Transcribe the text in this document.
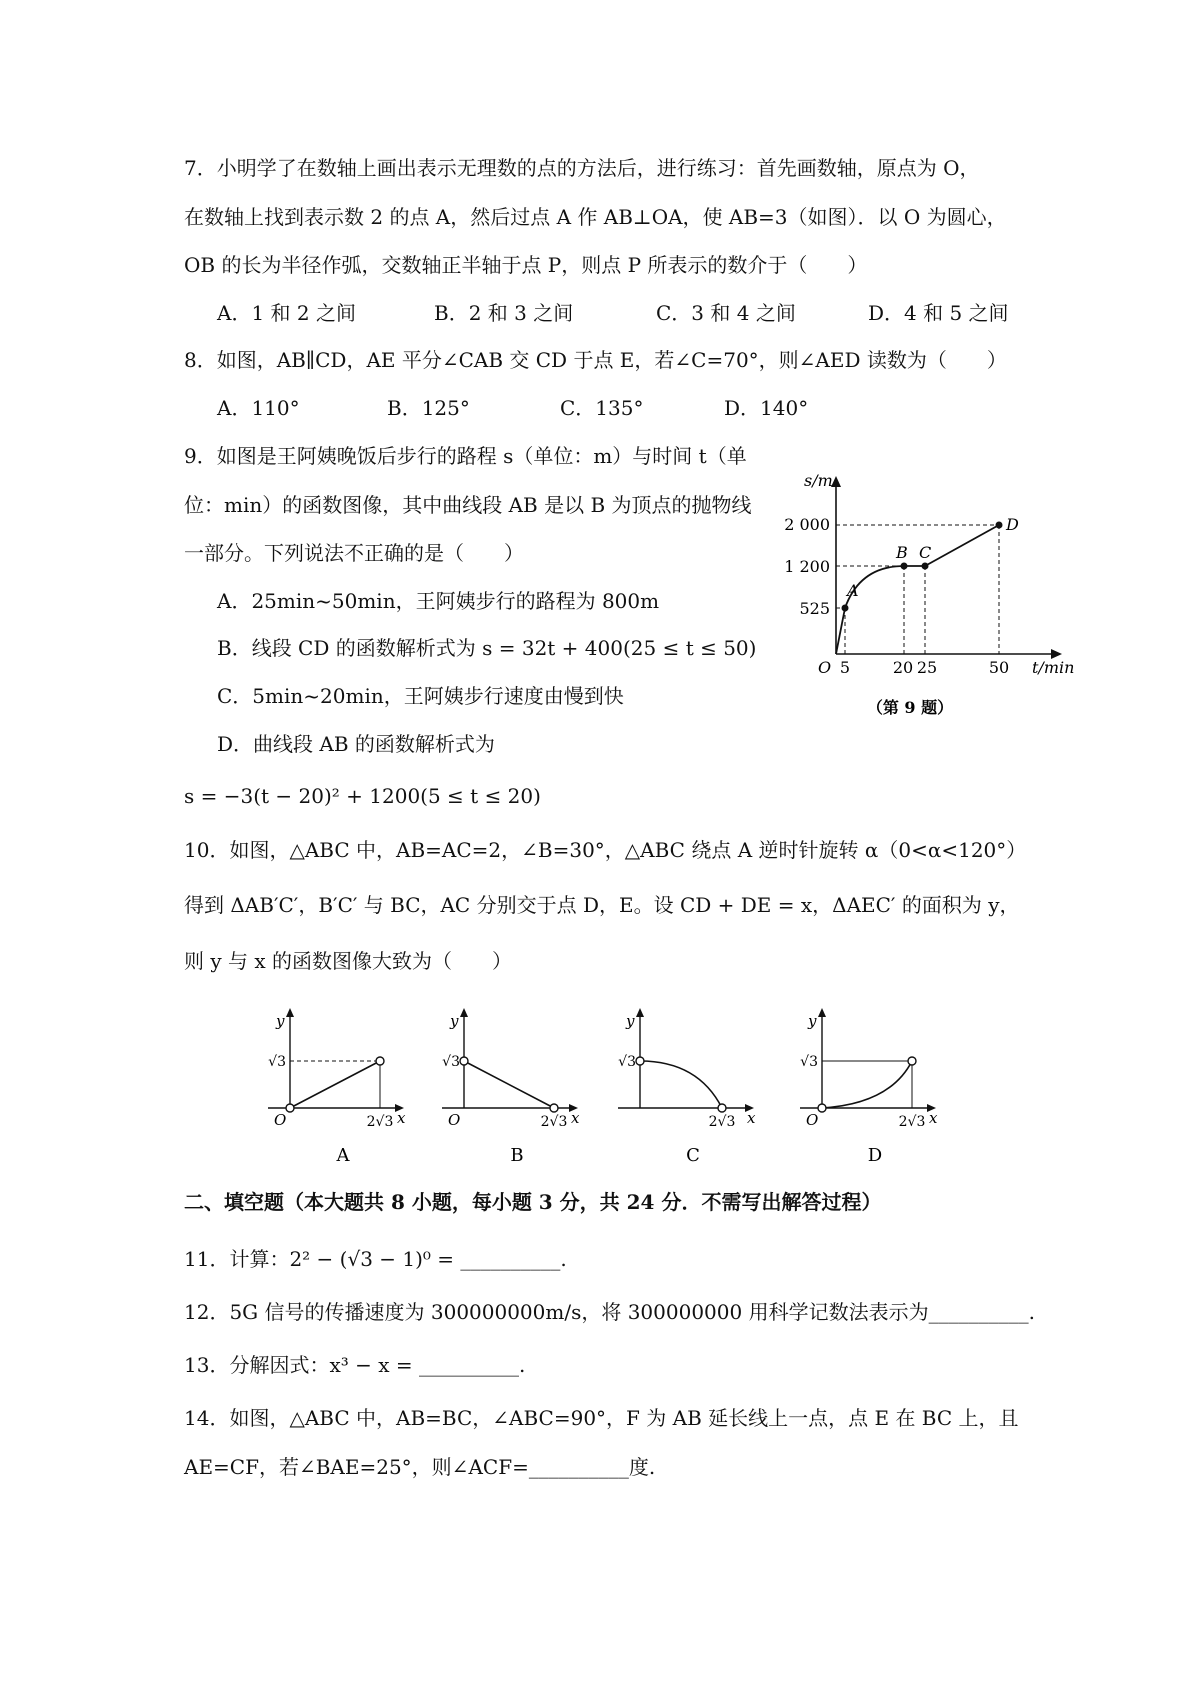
7．小明学了在数轴上画出表示无理数的点的方法后，进行练习：首先画数轴，原点为 O，
在数轴上找到表示数 2 的点 A，然后过点 A 作 AB⊥OA，使 AB=3（如图）．以 O 为圆心，
OB 的长为半径作弧，交数轴正半轴于点 P，则点 P 所表示的数介于（　　）
A．1 和 2 之间	B．2 和 3 之间	C．3 和 4 之间	D．4 和 5 之间
8．如图，AB∥CD，AE 平分∠CAB 交 CD 于点 E，若∠C=70°，则∠AED 读数为（　　）
A．110°	B．125°	C．135°	D．140°
9．如图是王阿姨晚饭后步行的路程 s（单位：m）与时间 t（单
位：min）的函数图像，其中曲线段 AB 是以 B 为顶点的抛物线
一部分。下列说法不正确的是（　　）
A．25min~50min，王阿姨步行的路程为 800m
B．线段 CD 的函数解析式为 s = 32t + 400(25 ≤ t ≤ 50)
C．5min~20min，王阿姨步行速度由慢到快
D．曲线段 AB 的函数解析式为
s = −3(t − 20)² + 1200(5 ≤ t ≤ 20)
s/m
2 000
1 200
525
O 5	20 25	50 t/min
A
B C
D
（第 9 题）
10．如图，△ABC 中，AB=AC=2，∠B=30°，△ABC 绕点 A 逆时针旋转 α（0<α<120°）
得到 ΔAB′C′，B′C′ 与 BC，AC 分别交于点 D，E。设 CD + DE = x，ΔAEC′ 的面积为 y，
则 y 与 x 的函数图像大致为（　　）
y
√3
O	2√3 x
A
y
√3
O	2√3 x
B
y
√3
2√3 x
C
y
√3
O	2√3 x
D
二、填空题（本大题共 8 小题，每小题 3 分，共 24 分．不需写出解答过程）
11．计算：2² − (√3 − 1)⁰ = __________.
12．5G 信号的传播速度为 300000000m/s，将 300000000 用科学记数法表示为__________.
13．分解因式：x³ − x = __________.
14．如图，△ABC 中，AB=BC，∠ABC=90°，F 为 AB 延长线上一点，点 E 在 BC 上，且
AE=CF，若∠BAE=25°，则∠ACF=__________度.
